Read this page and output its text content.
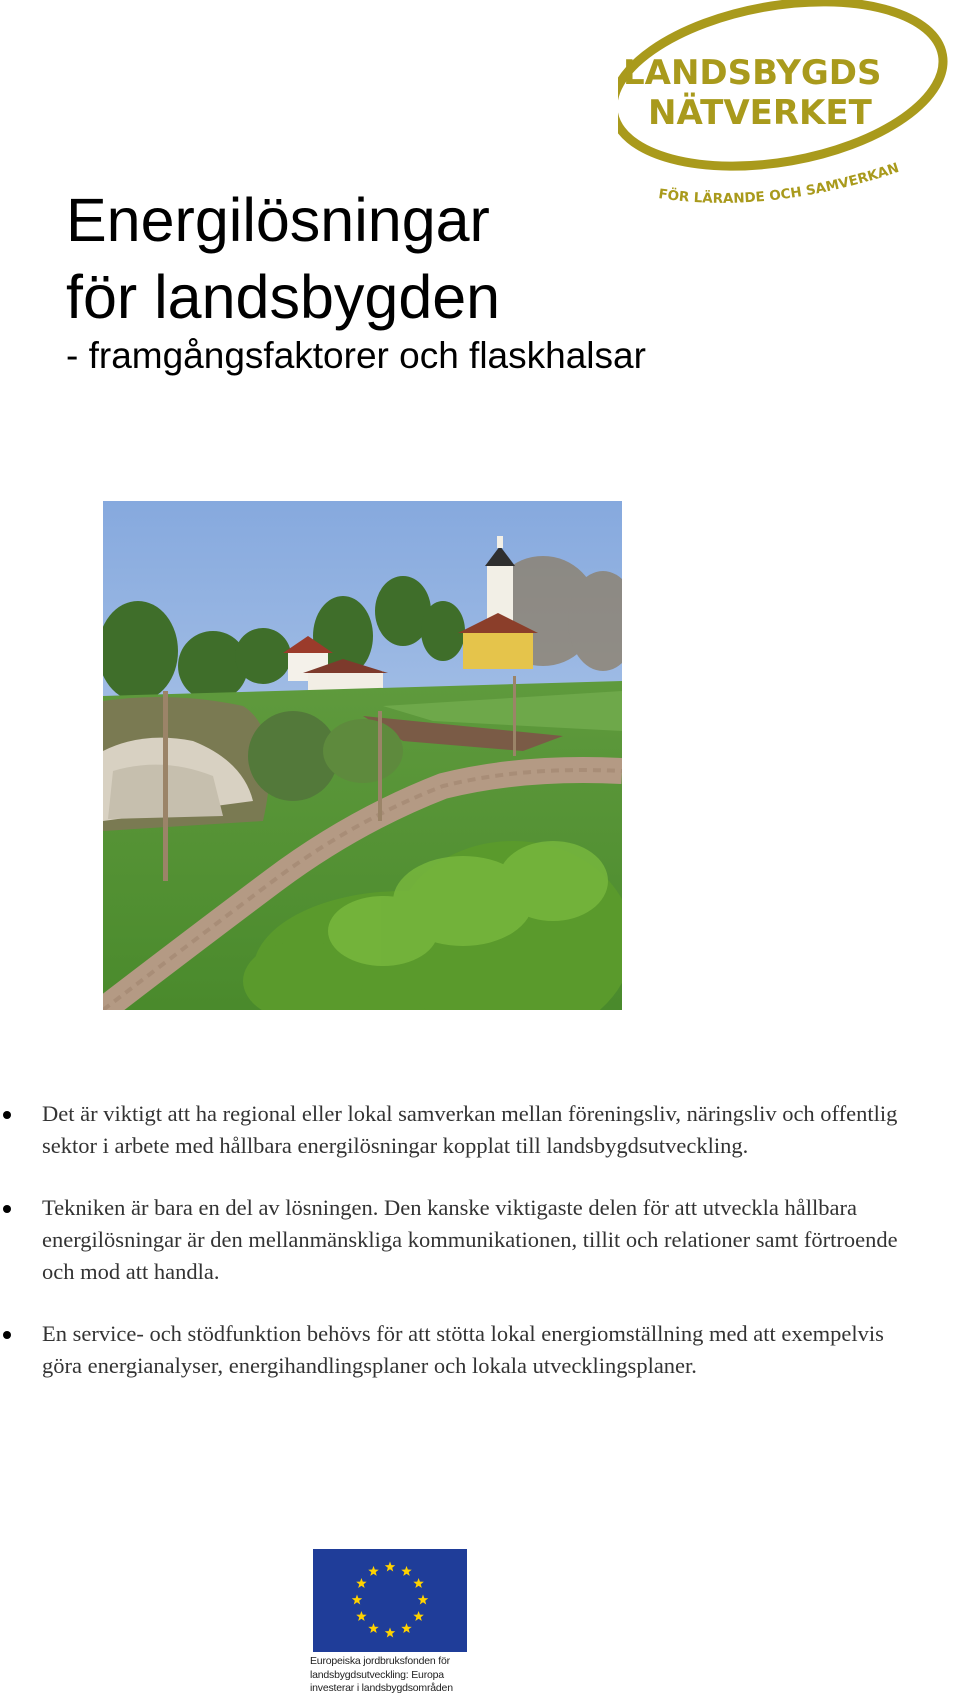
LANDSBYGDS
NÄTVERKET
FÖR LÄRANDE OCH SAMVERKAN
Energilösningar
för landsbygden

- framgångsfaktorer och flaskhalsar

Det är viktigt att ha regional eller lokal samverkan mellan föreningsliv, näringsliv och offentlig sektor i arbete med hållbara energilösningar kopplat till landsbygdsutveckling.
Tekniken är bara en del av lösningen. Den kanske viktigaste delen för att utveckla hållbara energilösningar är den mellanmänskliga kommunikationen, tillit och relationer samt förtroende och mod att handla.
En service- och stödfunktion behövs för att stötta lokal energiomställning med att exempelvis göra energianalyser, energihandlingsplaner och lokala utvecklingsplaner.

Europeiska jordbruksfonden för
landsbygdsutveckling: Europa
investerar i landsbygdsområden
